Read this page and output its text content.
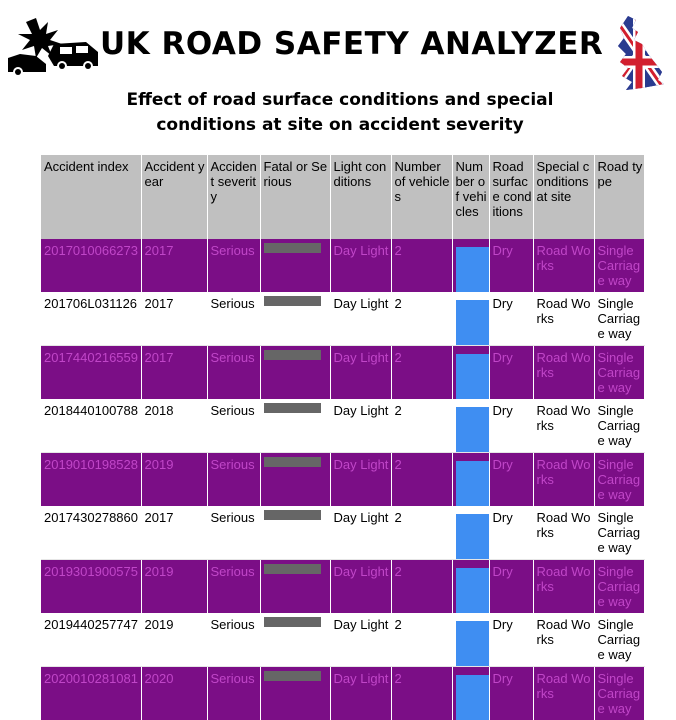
UK ROAD SAFETY ANALYZER
Effect of road surface conditions and special conditions at site on accident severity
Accident index	Accident year	Accident severity	Fatal or Serious	Light conditions	Number of vehicles	Number of vehicles	Road surface conditions	Special conditions at site	Road type
2017010066273	2017	Serious		Day Light	2		Dry	Road Works	Single Carriage way
201706L031126	2017	Serious		Day Light	2		Dry	Road Works	Single Carriage way
2017440216559	2017	Serious		Day Light	2		Dry	Road Works	Single Carriage way
2018440100788	2018	Serious		Day Light	2		Dry	Road Works	Single Carriage way
2019010198528	2019	Serious		Day Light	2		Dry	Road Works	Single Carriage way
2017430278860	2017	Serious		Day Light	2		Dry	Road Works	Single Carriage way
2019301900575	2019	Serious		Day Light	2		Dry	Road Works	Single Carriage way
2019440257747	2019	Serious		Day Light	2		Dry	Road Works	Single Carriage way
2020010281081	2020	Serious		Day Light	2		Dry	Road Works	Single Carriage way
